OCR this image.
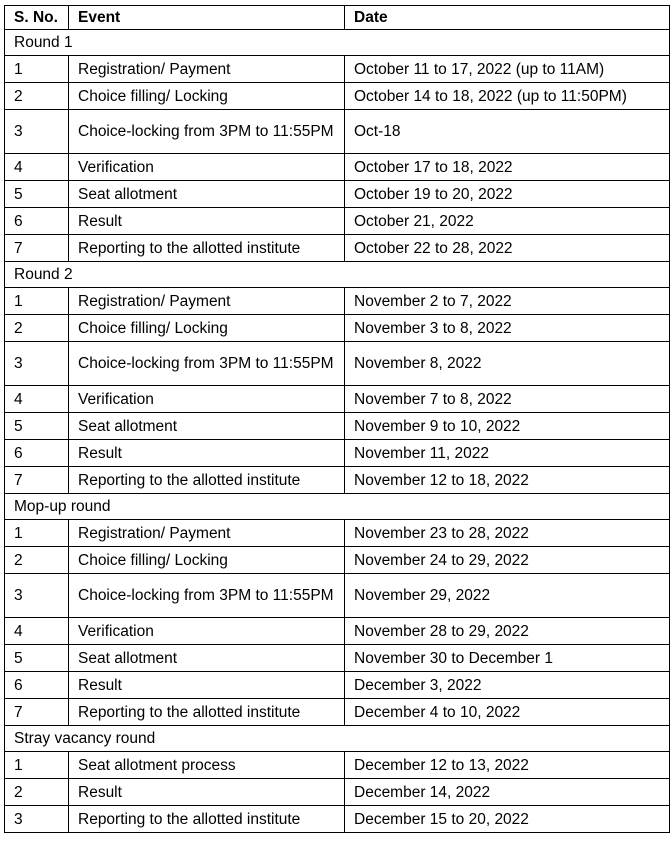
S. No.	Event	Date
Round 1		
1	Registration/ Payment	October 11 to 17, 2022 (up to 11AM)
2	Choice filling/ Locking	October 14 to 18, 2022 (up to 11:50PM)
3	Choice-locking from 3PM to 11:55PM	Oct-18
4	Verification	October 17 to 18, 2022
5	Seat allotment	October 19 to 20, 2022
6	Result	October 21, 2022
7	Reporting to the allotted institute	October 22 to 28, 2022
Round 2		
1	Registration/ Payment	November 2 to 7, 2022
2	Choice filling/ Locking	November 3 to 8, 2022
3	Choice-locking from 3PM to 11:55PM	November 8, 2022
4	Verification	November 7 to 8, 2022
5	Seat allotment	November 9 to 10, 2022
6	Result	November 11, 2022
7	Reporting to the allotted institute	November 12 to 18, 2022
Mop-up round		
1	Registration/ Payment	November 23 to 28, 2022
2	Choice filling/ Locking	November 24 to 29, 2022
3	Choice-locking from 3PM to 11:55PM	November 29, 2022
4	Verification	November 28 to 29, 2022
5	Seat allotment	November 30 to December 1
6	Result	December 3, 2022
7	Reporting to the allotted institute	December 4 to 10, 2022
Stray vacancy round		
1	Seat allotment process	December 12 to 13, 2022
2	Result	December 14, 2022
3	Reporting to the allotted institute	December 15 to 20, 2022
